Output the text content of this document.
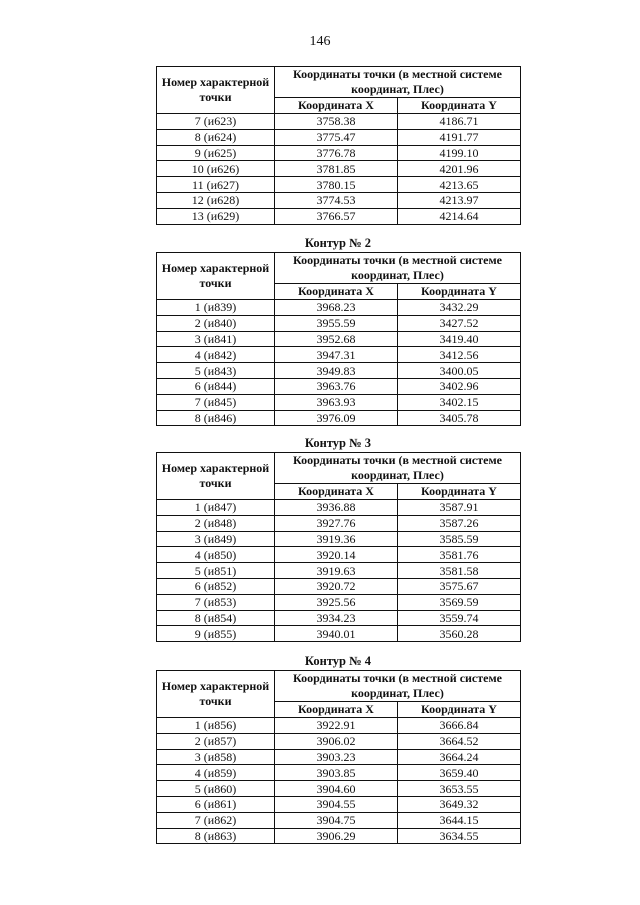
146
Номер характерной точки	Координаты точки (в местной системе координат, Плес)	
	Координата X	Координата Y
7 (и623)	3758.38	4186.71
8 (и624)	3775.47	4191.77
9 (и625)	3776.78	4199.10
10 (и626)	3781.85	4201.96
11 (и627)	3780.15	4213.65
12 (и628)	3774.53	4213.97
13 (и629)	3766.57	4214.64
Контур № 2
Номер характерной точки	Координаты точки (в местной системе координат, Плес)	
	Координата X	Координата Y
1 (и839)	3968.23	3432.29
2 (и840)	3955.59	3427.52
3 (и841)	3952.68	3419.40
4 (и842)	3947.31	3412.56
5 (и843)	3949.83	3400.05
6 (и844)	3963.76	3402.96
7 (и845)	3963.93	3402.15
8 (и846)	3976.09	3405.78
Контур № 3
Номер характерной точки	Координаты точки (в местной системе координат, Плес)	
	Координата X	Координата Y
1 (и847)	3936.88	3587.91
2 (и848)	3927.76	3587.26
3 (и849)	3919.36	3585.59
4 (и850)	3920.14	3581.76
5 (и851)	3919.63	3581.58
6 (и852)	3920.72	3575.67
7 (и853)	3925.56	3569.59
8 (и854)	3934.23	3559.74
9 (и855)	3940.01	3560.28
Контур № 4
Номер характерной точки	Координаты точки (в местной системе координат, Плес)	
	Координата X	Координата Y
1 (и856)	3922.91	3666.84
2 (и857)	3906.02	3664.52
3 (и858)	3903.23	3664.24
4 (и859)	3903.85	3659.40
5 (и860)	3904.60	3653.55
6 (и861)	3904.55	3649.32
7 (и862)	3904.75	3644.15
8 (и863)	3906.29	3634.55
